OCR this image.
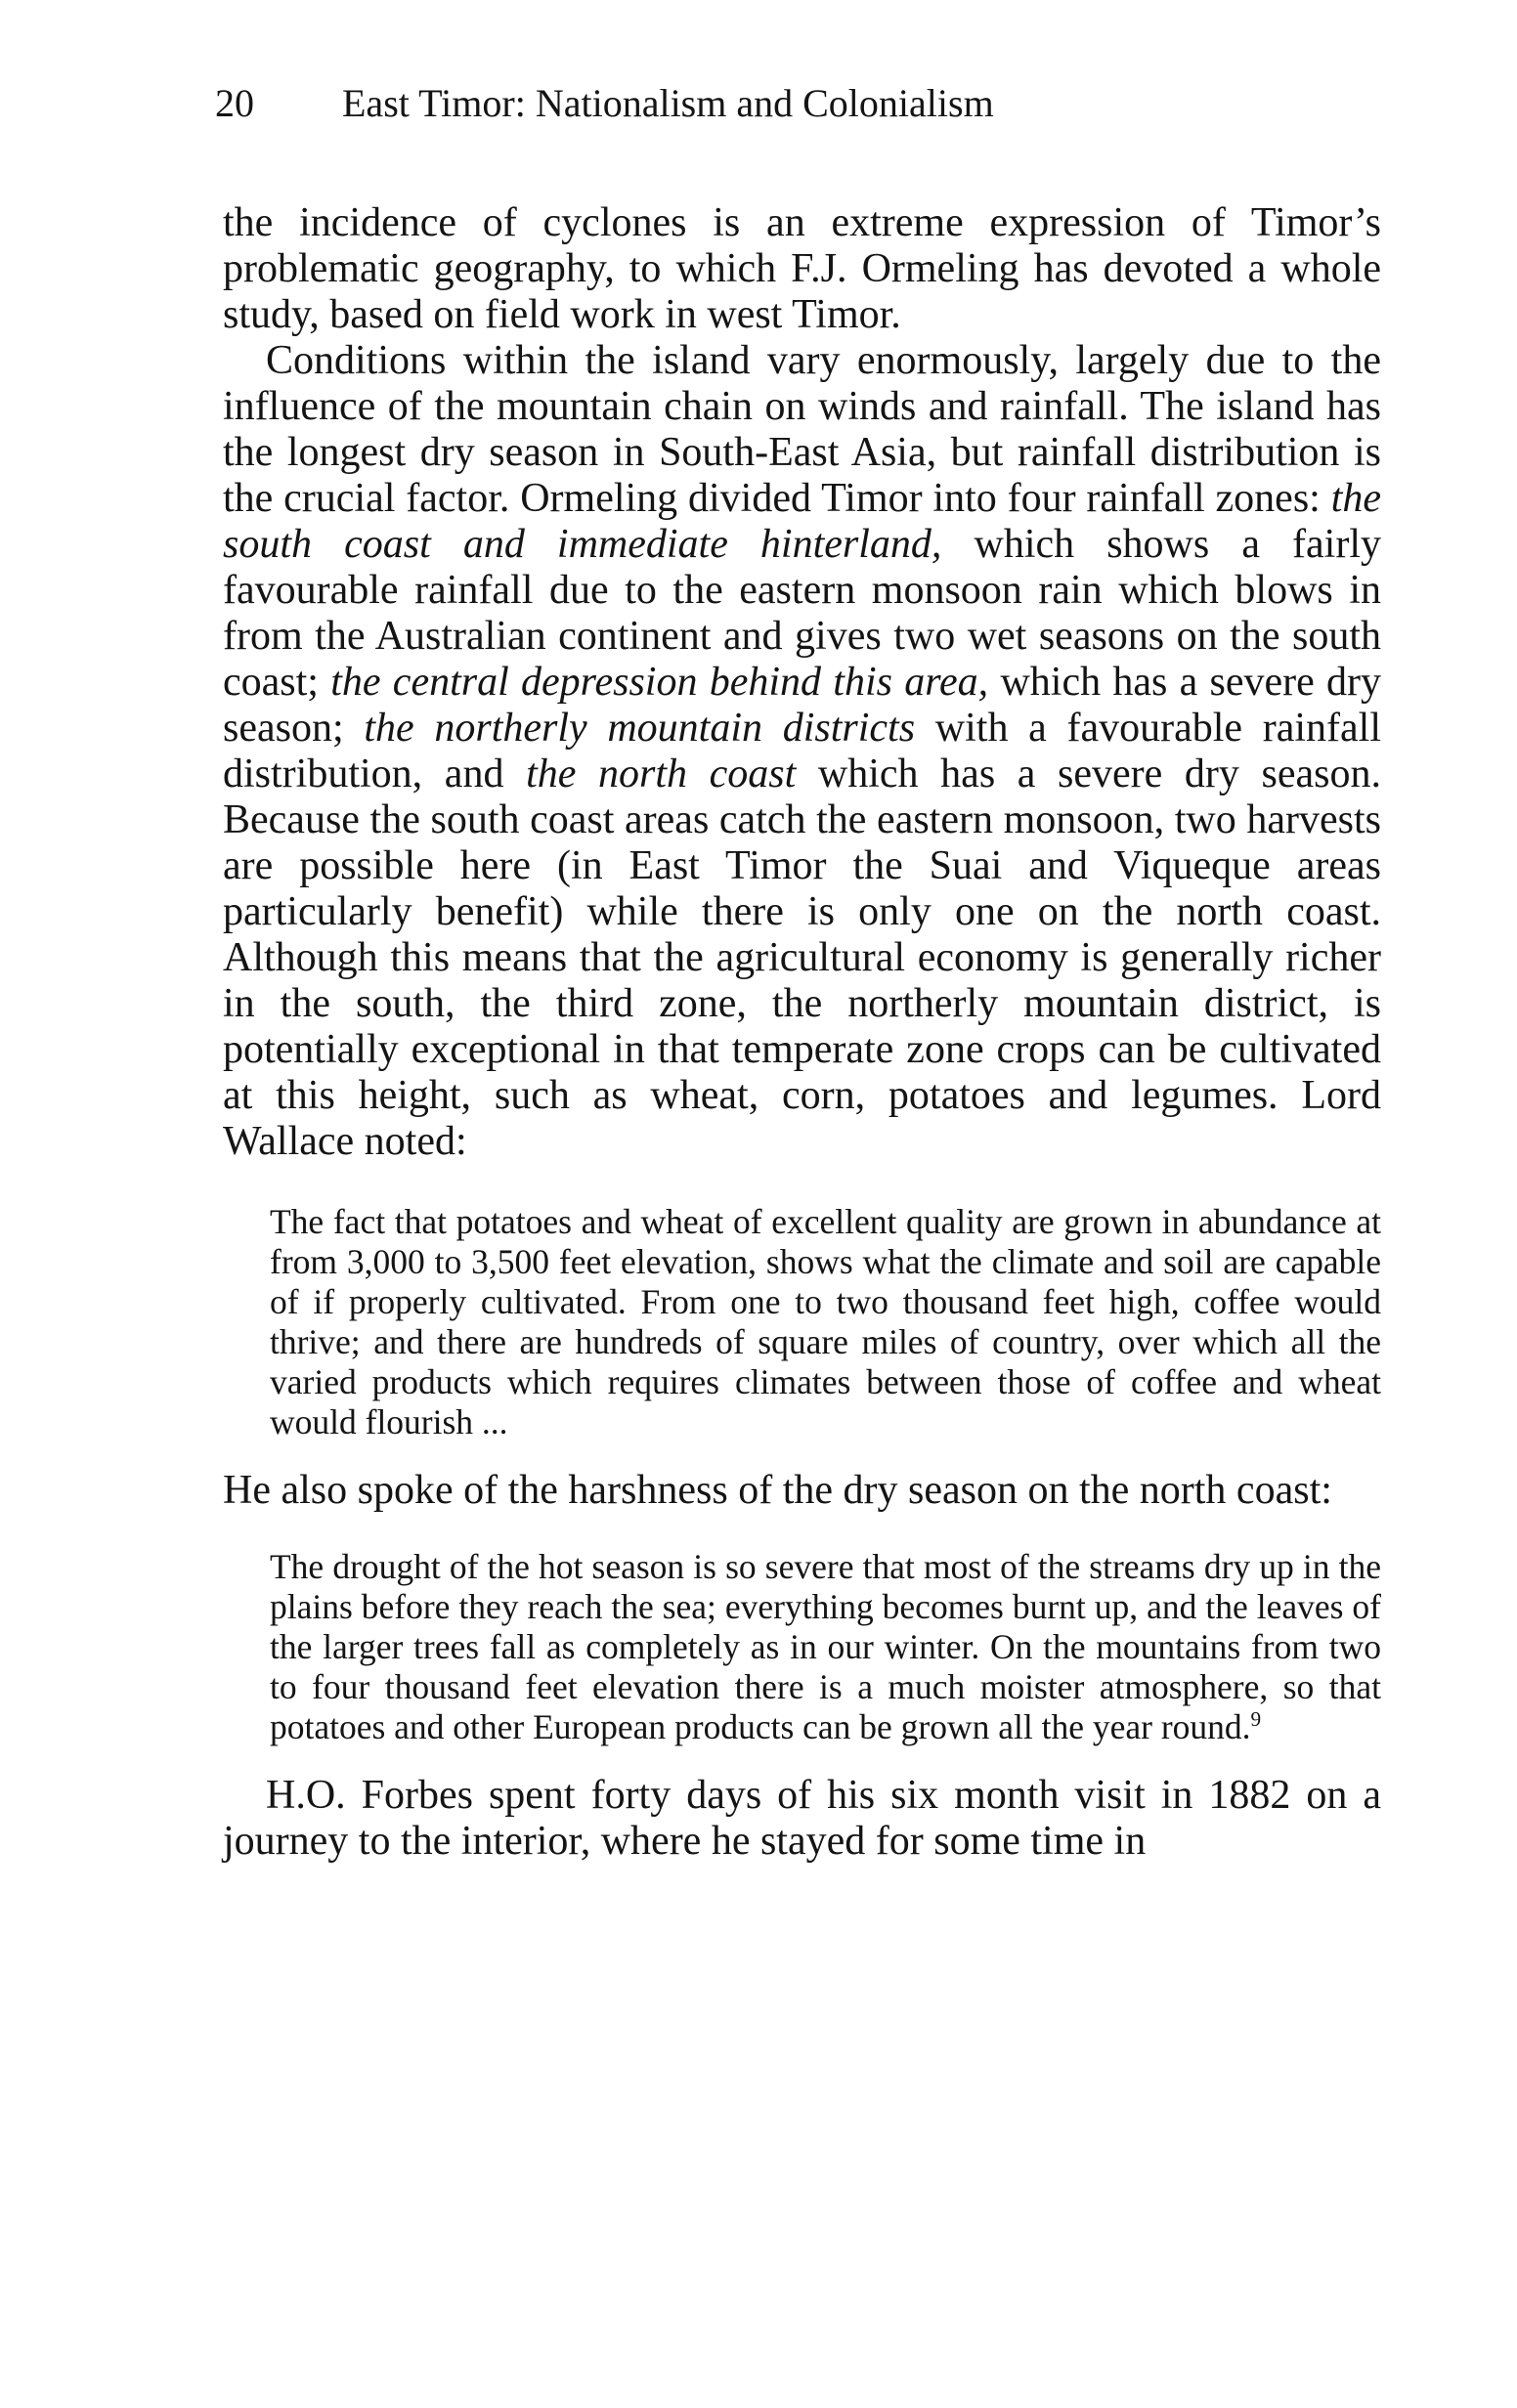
20 East Timor: Nationalism and Colonialism

the incidence of cyclones is an extreme expression of Timor’s problematic geography, to which F.J. Ormeling has devoted a whole study, based on field work in west Timor.

Conditions within the island vary enormously, largely due to the influence of the mountain chain on winds and rainfall. The island has the longest dry season in South-East Asia, but rainfall distribution is the crucial factor. Ormeling divided Timor into four rainfall zones: the south coast and immediate hinterland, which shows a fairly favourable rainfall due to the eastern monsoon rain which blows in from the Australian continent and gives two wet seasons on the south coast; the central depression behind this area, which has a severe dry season; the northerly mountain districts with a favourable rainfall distribution, and the north coast which has a severe dry season. Because the south coast areas catch the eastern monsoon, two harvests are possible here (in East Timor the Suai and Viqueque areas particularly benefit) while there is only one on the north coast. Although this means that the agricultural economy is generally richer in the south, the third zone, the northerly mountain district, is potentially exceptional in that temperate zone crops can be cultivated at this height, such as wheat, corn, potatoes and legumes. Lord Wallace noted:

The fact that potatoes and wheat of excellent quality are grown in abundance at from 3,000 to 3,500 feet elevation, shows what the climate and soil are capable of if properly cultivated. From one to two thousand feet high, coffee would thrive; and there are hundreds of square miles of country, over which all the varied products which requires climates between those of coffee and wheat would flourish ...

He also spoke of the harshness of the dry season on the north coast:

The drought of the hot season is so severe that most of the streams dry up in the plains before they reach the sea; everything becomes burnt up, and the leaves of the larger trees fall as completely as in our winter. On the mountains from two to four thousand feet elevation there is a much moister atmosphere, so that potatoes and other European products can be grown all the year round.$^9$

H.O. Forbes spent forty days of his six month visit in 1882 on a journey to the interior, where he stayed for some time in
